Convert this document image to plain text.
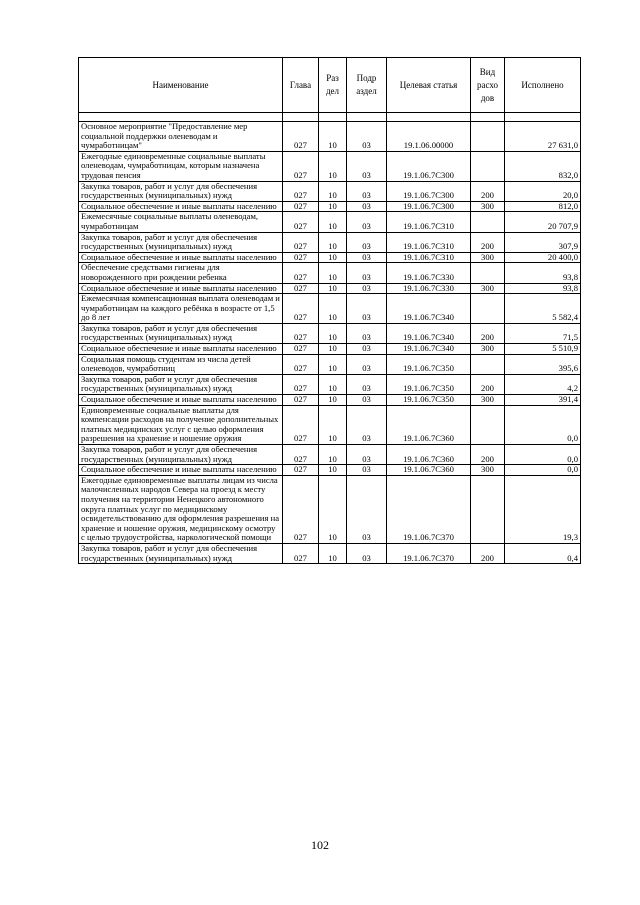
Наименование	Глава	Раз дел	Подр аздел	Целевая статья	Вид расхо дов	Исполнено

Основное мероприятие "Предоставление мер социальной поддержки оленеводам и чумработницам"	027	10	03	19.1.06.00000		27 631,0
Ежегодные единовременные социальные выплаты оленеводам, чумработницам, которым назначена трудовая пенсия	027	10	03	19.1.06.7C300		832,0
Закупка товаров, работ и услуг для обеспечения государственных (муниципальных) нужд	027	10	03	19.1.06.7C300	200	20,0
Социальное обеспечение и иные выплаты населению	027	10	03	19.1.06.7C300	300	812,0
Ежемесячные социальные выплаты оленеводам, чумработницам	027	10	03	19.1.06.7C310		20 707,9
Закупка товаров, работ и услуг для обеспечения государственных (муниципальных) нужд	027	10	03	19.1.06.7C310	200	307,9
Социальное обеспечение и иные выплаты населению	027	10	03	19.1.06.7C310	300	20 400,0
Обеспечение средствами гигиены для новорожденного при рождении ребенка	027	10	03	19.1.06.7C330		93,8
Социальное обеспечение и иные выплаты населению	027	10	03	19.1.06.7C330	300	93,8
Ежемесячная компенсационная выплата оленеводам и чумработницам на каждого ребёнка в возрасте от 1,5 до 8 лет	027	10	03	19.1.06.7C340		5 582,4
Закупка товаров, работ и услуг для обеспечения государственных (муниципальных) нужд	027	10	03	19.1.06.7C340	200	71,5
Социальное обеспечение и иные выплаты населению	027	10	03	19.1.06.7C340	300	5 510,9
Социальная помощь студентам из числа детей оленеводов, чумработниц	027	10	03	19.1.06.7C350		395,6
Закупка товаров, работ и услуг для обеспечения государственных (муниципальных) нужд	027	10	03	19.1.06.7C350	200	4,2
Социальное обеспечение и иные выплаты населению	027	10	03	19.1.06.7C350	300	391,4
Единовременные социальные выплаты для компенсации расходов на получение дополнительных платных медицинских услуг с целью оформления разрешения на хранение и ношение оружия	027	10	03	19.1.06.7C360		0,0
Закупка товаров, работ и услуг для обеспечения государственных (муниципальных) нужд	027	10	03	19.1.06.7C360	200	0,0
Социальное обеспечение и иные выплаты населению	027	10	03	19.1.06.7C360	300	0,0
Ежегодные единовременные выплаты лицам из числа малочисленных народов Севера на проезд к месту получения на территории Ненецкого автономного округа платных услуг по медицинскому освидетельствованию для оформления разрешения на хранение и ношение оружия, медицинскому осмотру с целью трудоустройства, наркологической помощи	027	10	03	19.1.06.7C370		19,3
Закупка товаров, работ и услуг для обеспечения государственных (муниципальных) нужд	027	10	03	19.1.06.7C370	200	0,4
102
